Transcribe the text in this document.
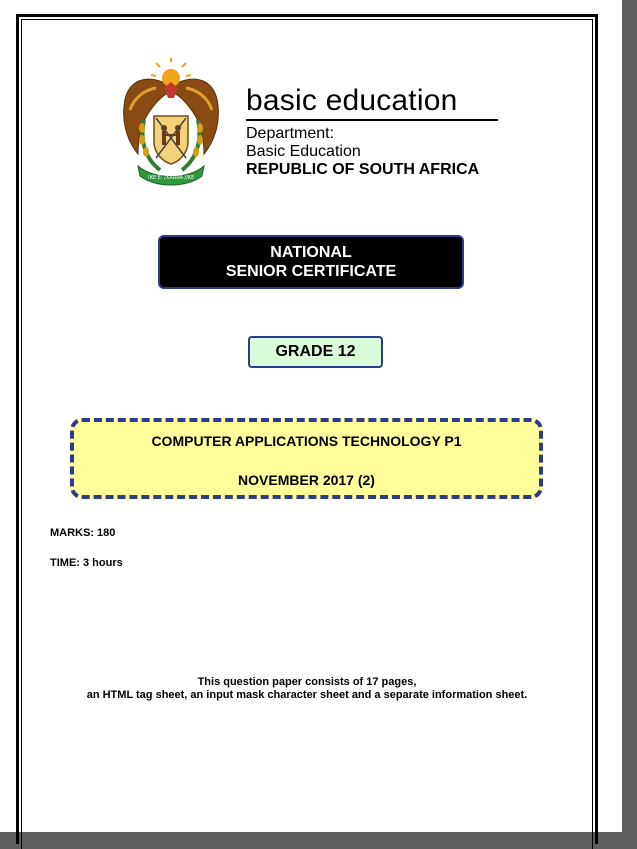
!KE E: /XARRA //KE
basic education
Department:
Basic Education
REPUBLIC OF SOUTH AFRICA
NATIONAL
SENIOR CERTIFICATE
GRADE 12
COMPUTER APPLICATIONS TECHNOLOGY P1
NOVEMBER 2017 (2)
MARKS: 180
TIME: 3 hours
This question paper consists of 17 pages,
an HTML tag sheet, an input mask character sheet and a separate information sheet.
